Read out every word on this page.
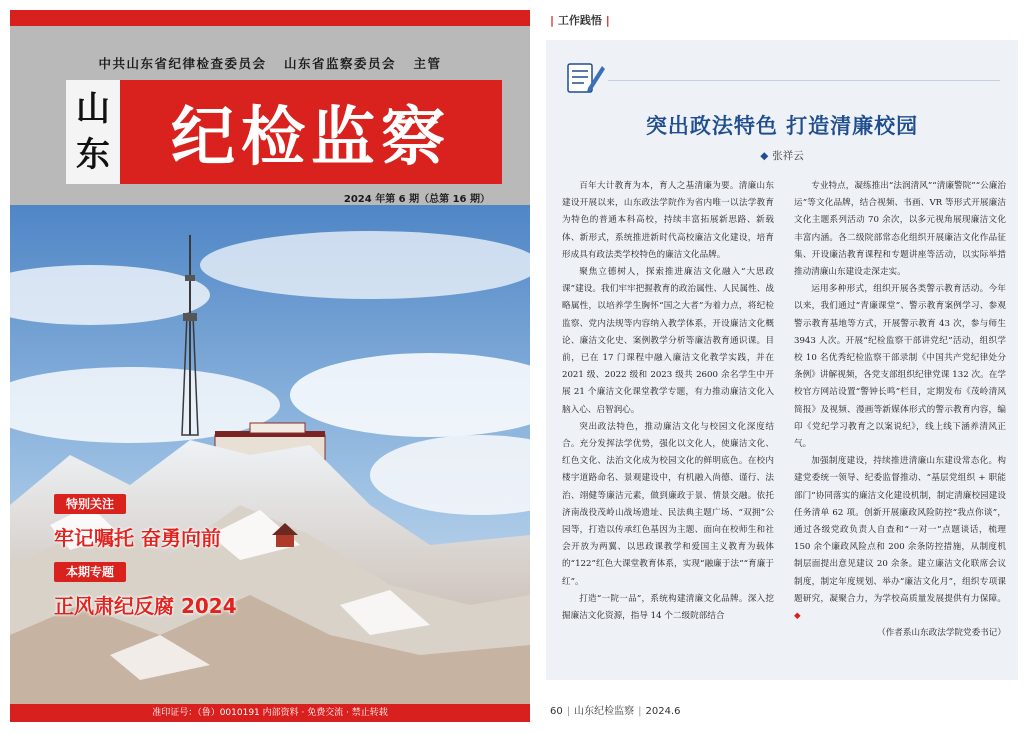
中共山东省纪律检查委员会   山东省监察委员会   主管
山
东 纪检监察
2024 年第 6 期（总第 16 期）
特别关注
牢记嘱托 奋勇向前
本期专题
正风肃纪反腐 2024
准印证号：（鲁）0010191 内部资料 · 免费交流 · 禁止转载
| 工作践悟 |
突出政法特色 打造清廉校园
◆ 张祥云

百年大计教育为本，育人之基清廉为要。清廉山东建设开展以来，山东政法学院作为省内唯一以法学教育为特色的普通本科高校，持续丰富拓展新思路、新载体、新形式，系统推进新时代高校廉洁文化建设，培育形成具有政法类学校特色的廉洁文化品牌。

聚焦立德树人，探索推进廉洁文化融入“大思政课”建设。我们牢牢把握教育的政治属性、人民属性、战略属性，以培养学生胸怀“国之大者”为着力点，将纪检监察、党内法规等内容纳入教学体系，开设廉洁文化概论、廉洁文化史、案例教学分析等廉洁教育通识课。目前，已在 17 门课程中融入廉洁文化教学实践，并在 2021 级、2022 级和 2023 级共 2600 余名学生中开展 21 个廉洁文化课堂教学专题，有力推动廉洁文化入脑入心、启智润心。

突出政法特色，推动廉洁文化与校园文化深度结合。充分发挥法学优势，强化以文化人，使廉洁文化、红色文化、法治文化成为校园文化的鲜明底色。在校内楼宇道路命名、景观建设中，有机融入尚德、谨行、法治、翊健等廉洁元素，做到廉政于景、情景交融。依托济南战役茂岭山战场遗址、民法典主题广场、“双拥”公园等，打造以传承红色基因为主题、面向在校师生和社会开放为两翼、以思政课教学和爱国主义教育为载体的“122”红色大课堂教育体系，实现“融廉于法”“育廉于红”。

打造“一院一品”，系统构建清廉文化品牌。深入挖掘廉洁文化资源，指导 14 个二级院部结合

专业特点，凝练推出“法润清风”“清廉警院”“公廉治运”等文化品牌，结合视频、书画、VR 等形式开展廉洁文化主题系列活动 70 余次，以多元视角展现廉洁文化丰富内涵。各二级院部常态化组织开展廉洁文化作品征集、开设廉洁教育课程和专题讲座等活动，以实际举措推动清廉山东建设走深走实。

运用多种形式，组织开展各类警示教育活动。今年以来，我们通过“青廉课堂”、警示教育案例学习、参观警示教育基地等方式，开展警示教育 43 次，参与师生 3943 人次。开展“纪检监察干部讲党纪”活动，组织学校 10 名优秀纪检监察干部录制《中国共产党纪律处分条例》讲解视频，各党支部组织纪律党课 132 次。在学校官方网站设置“警钟长鸣”栏目，定期发布《茂岭清风简报》及视频、漫画等新媒体形式的警示教育内容，编印《党纪学习教育之以案说纪》，线上线下涵养清风正气。

加强制度建设，持续推进清廉山东建设常态化。构建党委统一领导、纪委监督推动、“基层党组织 + 职能部门”协同落实的廉洁文化建设机制，制定清廉校园建设任务清单 62 项。创新开展廉政风险防控“我点你谈”，通过各级党政负责人自查和“一对一”点题谈话，梳理 150 余个廉政风险点和 200 余条防控措施，从制度机制层面提出意见建议 20 余条。建立廉洁文化联席会议制度，制定年度规划、举办“廉洁文化月”，组织专项课题研究，凝聚合力，为学校高质量发展提供有力保障。◆

（作者系山东政法学院党委书记）

60 | 山东纪检监察 | 2024.6
